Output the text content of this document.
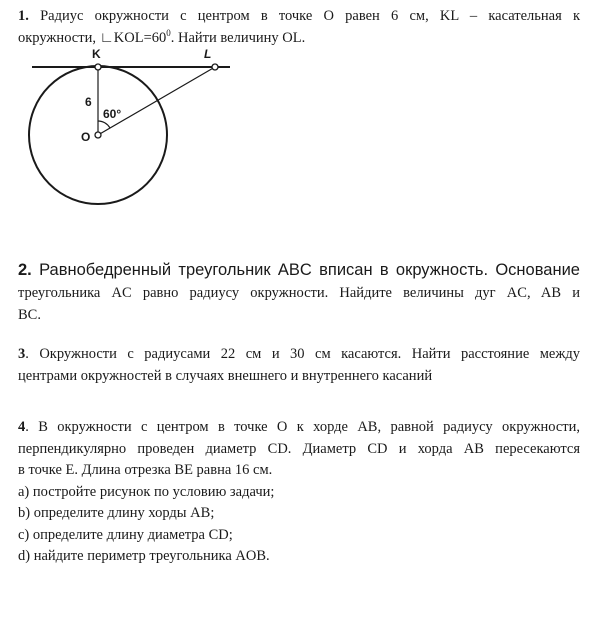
1. Радиус окружности с центром в точке O равен 6 см, KL – касательная к
окружности, $∟KOL=60^0$. Найти величину OL.
K	L
O
6
60°
2. Равнобедренный треугольник ABC вписан в окружность. Основание
треугольника AC равно радиусу окружности. Найдите величины дуг AC, AB и
BC.
3. Окружности с радиусами 22 см и 30 см касаются. Найти расстояние между
центрами окружностей в случаях внешнего и внутреннего касаний
4. В окружности с центром в точке O к хорде AB, равной радиусу окружности,
перпендикулярно проведен диаметр CD. Диаметр CD и хорда AB пересекаются
в точке E. Длина отрезка BE равна 16 см.
a) постройте рисунок по условию задачи;
b) определите длину хорды AB;
c) определите длину диаметра CD;
d) найдите периметр треугольника AOB.
